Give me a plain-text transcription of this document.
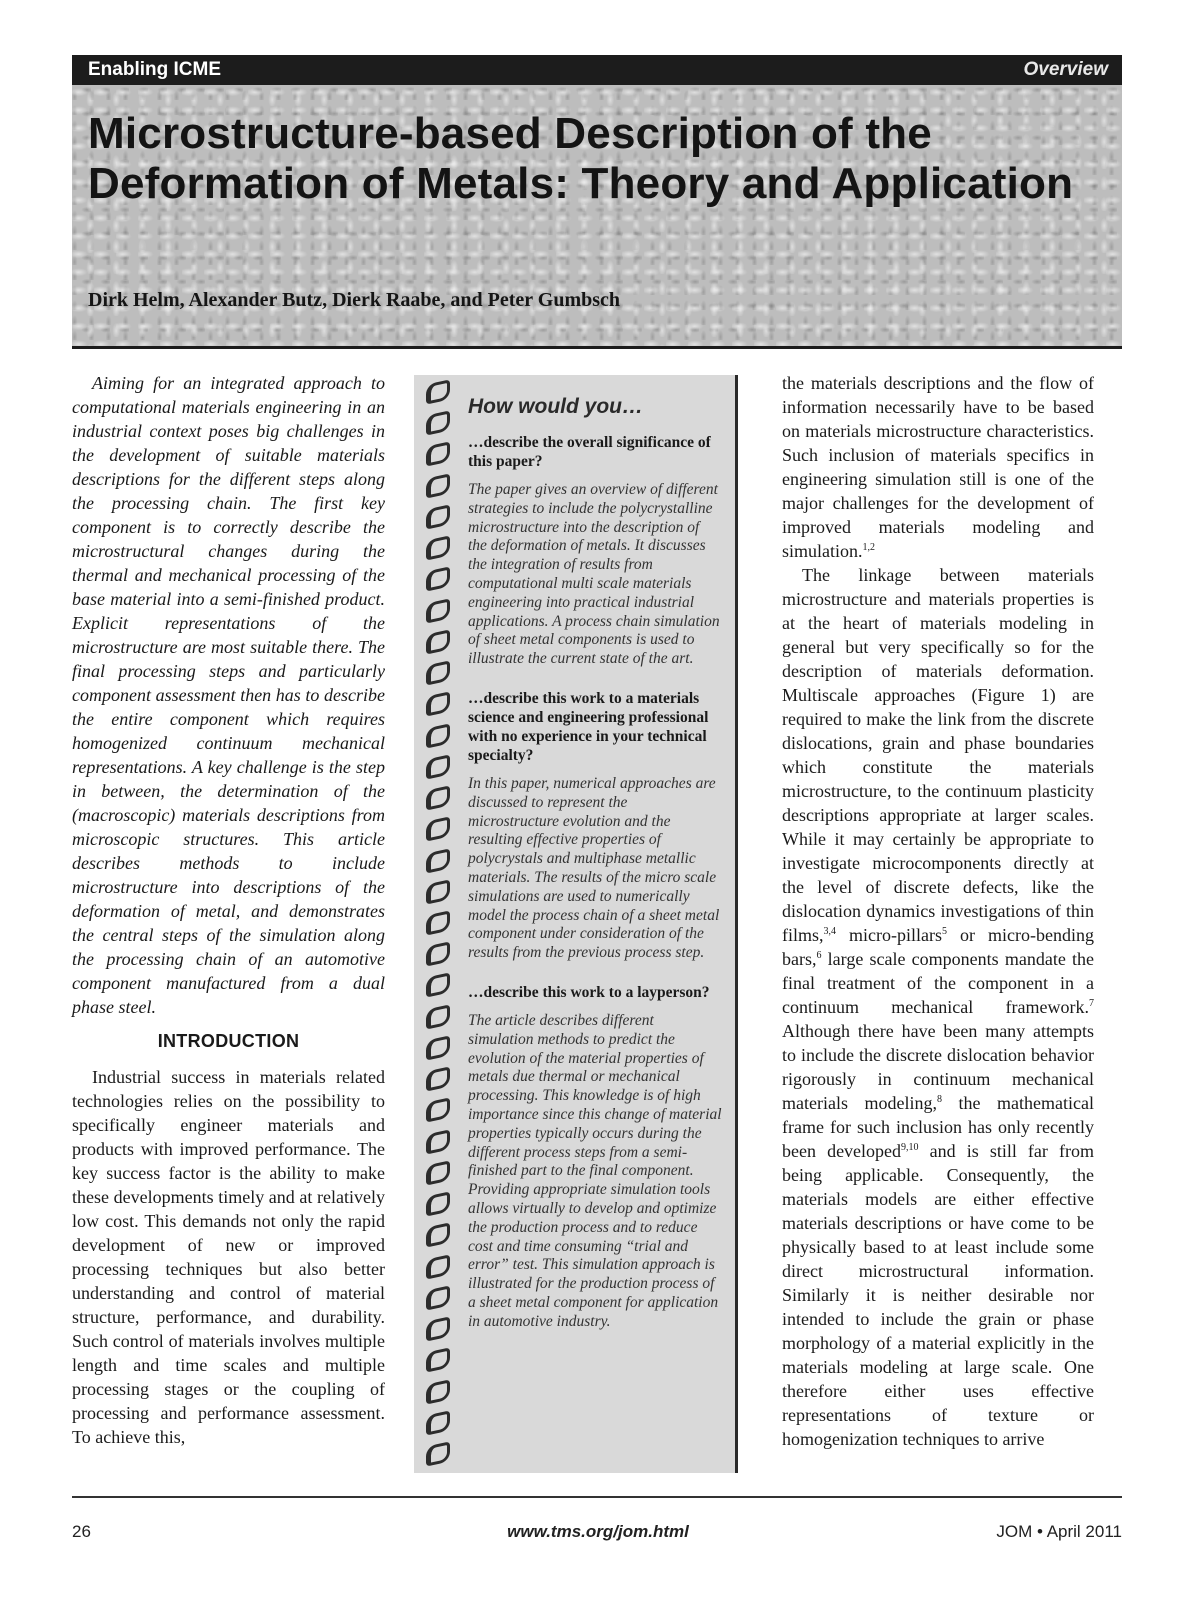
Enabling ICME	Overview
Microstructure-based Description of the Deformation of Metals: Theory and Application
Dirk Helm, Alexander Butz, Dierk Raabe, and Peter Gumbsch

Aiming for an integrated approach to computational materials engineering in an industrial context poses big challenges in the development of suitable materials descriptions for the different steps along the processing chain. The first key component is to correctly describe the microstructural changes during the thermal and mechanical processing of the base material into a semi-finished product. Explicit representations of the microstructure are most suitable there. The final processing steps and particularly component assessment then has to describe the entire component which requires homogenized continuum mechanical representations. A key challenge is the step in between, the determination of the (macroscopic) materials descriptions from microscopic structures. This article describes methods to include microstructure into descriptions of the deformation of metal, and demonstrates the central steps of the simulation along the processing chain of an automotive component manufactured from a dual phase steel.

INTRODUCTION

Industrial success in materials related technologies relies on the possibility to specifically engineer materials and products with improved performance. The key success factor is the ability to make these developments timely and at relatively low cost. This demands not only the rapid development of new or improved processing techniques but also better understanding and control of material structure, performance, and durability. Such control of materials involves multiple length and time scales and multiple processing stages or the coupling of processing and performance assessment. To achieve this,

How would you…
…describe the overall significance of this paper?
The paper gives an overview of different strategies to include the polycrystalline microstructure into the description of the deformation of metals. It discusses the integration of results from computational multi scale materials engineering into practical industrial applications. A process chain simulation of sheet metal components is used to illustrate the current state of the art.
…describe this work to a materials science and engineering professional with no experience in your technical specialty?
In this paper, numerical approaches are discussed to represent the microstructure evolution and the resulting effective properties of polycrystals and multiphase metallic materials. The results of the micro scale simulations are used to numerically model the process chain of a sheet metal component under consideration of the results from the previous process step.
…describe this work to a layperson?
The article describes different simulation methods to predict the evolution of the material properties of metals due thermal or mechanical processing. This knowledge is of high importance since this change of material properties typically occurs during the different process steps from a semi-finished part to the final component. Providing appropriate simulation tools allows virtually to develop and optimize the production process and to reduce cost and time consuming “trial and error” test. This simulation approach is illustrated for the production process of a sheet metal component for application in automotive industry.

the materials descriptions and the flow of information necessarily have to be based on materials microstructure characteristics. Such inclusion of materials specifics in engineering simulation still is one of the major challenges for the development of improved materials modeling and simulation.$^{1,2}$

The linkage between materials microstructure and materials properties is at the heart of materials modeling in general but very specifically so for the description of materials deformation. Multiscale approaches (Figure 1) are required to make the link from the discrete dislocations, grain and phase boundaries which constitute the materials microstructure, to the continuum plasticity descriptions appropriate at larger scales. While it may certainly be appropriate to investigate microcomponents directly at the level of discrete defects, like the dislocation dynamics investigations of thin films,$^{3,4}$ micro-pillars$^5$ or micro-bending bars,$^6$ large scale components mandate the final treatment of the component in a continuum mechanical framework.$^7$ Although there have been many attempts to include the discrete dislocation behavior rigorously in continuum mechanical materials modeling,$^8$ the mathematical frame for such inclusion has only recently been developed$^{9,10}$ and is still far from being applicable. Consequently, the materials models are either effective materials descriptions or have come to be physically based to at least include some direct microstructural information. Similarly it is neither desirable nor intended to include the grain or phase morphology of a material explicitly in the materials modeling at large scale. One therefore either uses effective representations of texture or homogenization techniques to arrive

26	www.tms.org/jom.html	JOM • April 2011
